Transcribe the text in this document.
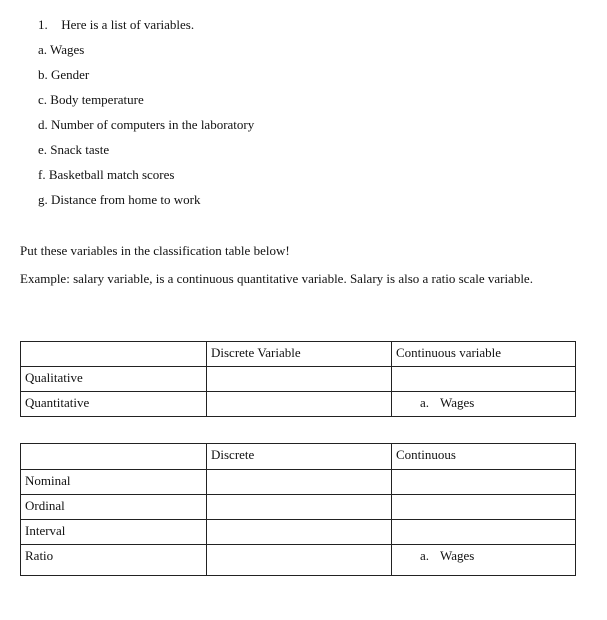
1. Here is a list of variables.
a. Wages
b. Gender
c. Body temperature
d. Number of computers in the laboratory
e. Snack taste
f. Basketball match scores
g. Distance from home to work
Put these variables in the classification table below!
Example: salary variable, is a continuous quantitative variable. Salary is also a ratio scale variable.
	Discrete Variable	Continuous variable
Qualitative		
Quantitative		a. Wages
	Discrete	Continuous
Nominal		
Ordinal		
Interval		
Ratio		a. Wages
